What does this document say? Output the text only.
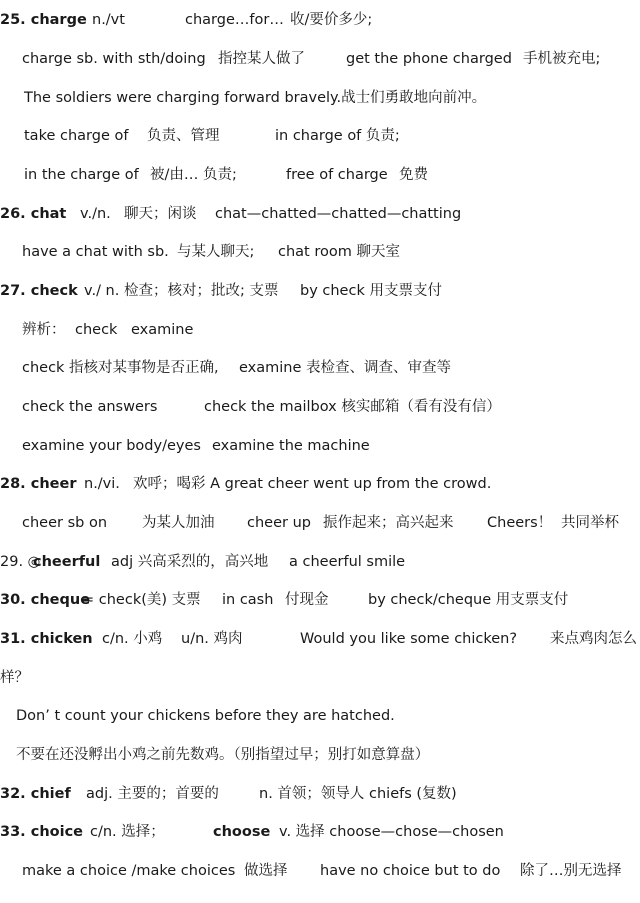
25. charge n./vt	charge…for… 收/要价多少;
charge sb. with sth/doing 指控某人做了	get the phone charged 手机被充电;
The soldiers were charging forward bravely.战士们勇敢地向前冲。
take charge of 负责、管理	in charge of 负责;
in the charge of 被/由… 负责;	free of charge 免费
26. chat v./n. 聊天；闲谈 chat—chatted—chatted—chatting
have a chat with sb. 与某人聊天; chat room 聊天室
27. check v./ n. 检查；核对；批改; 支票 by check 用支票支付
辨析： check examine
check 指核对某事物是否正确, examine 表检查、调查、审查等
check the answers	check the mailbox 核实邮箱（看有没有信）
examine your body/eyes examine the machine
28. cheer n./vi. 欢呼；喝彩 A great cheer went up from the crowd.
cheer sb on 为某人加油 cheer up 振作起来；高兴起来 Cheers！ 共同举杯
29. ◎
cheerful adj 兴高采烈的，高兴地 a cheerful smile
30. cheque
= check(美) 支票 in cash 付现金	by check/cheque 用支票支付
31. chicken c/n. 小鸡 u/n. 鸡肉	Would you like some chicken? 来点鸡肉怎么
样？
Don’ t count your chickens before they are hatched.
不要在还没孵出小鸡之前先数鸡。（别指望过早；别打如意算盘）
32. chief adj. 主要的；首要的	n. 首领；领导人 chiefs (复数)
33. choice c/n. 选择；	choose v. 选择 choose—chose—chosen
make a choice /make choices 做选择 have no choice but to do 除了…别无选择
